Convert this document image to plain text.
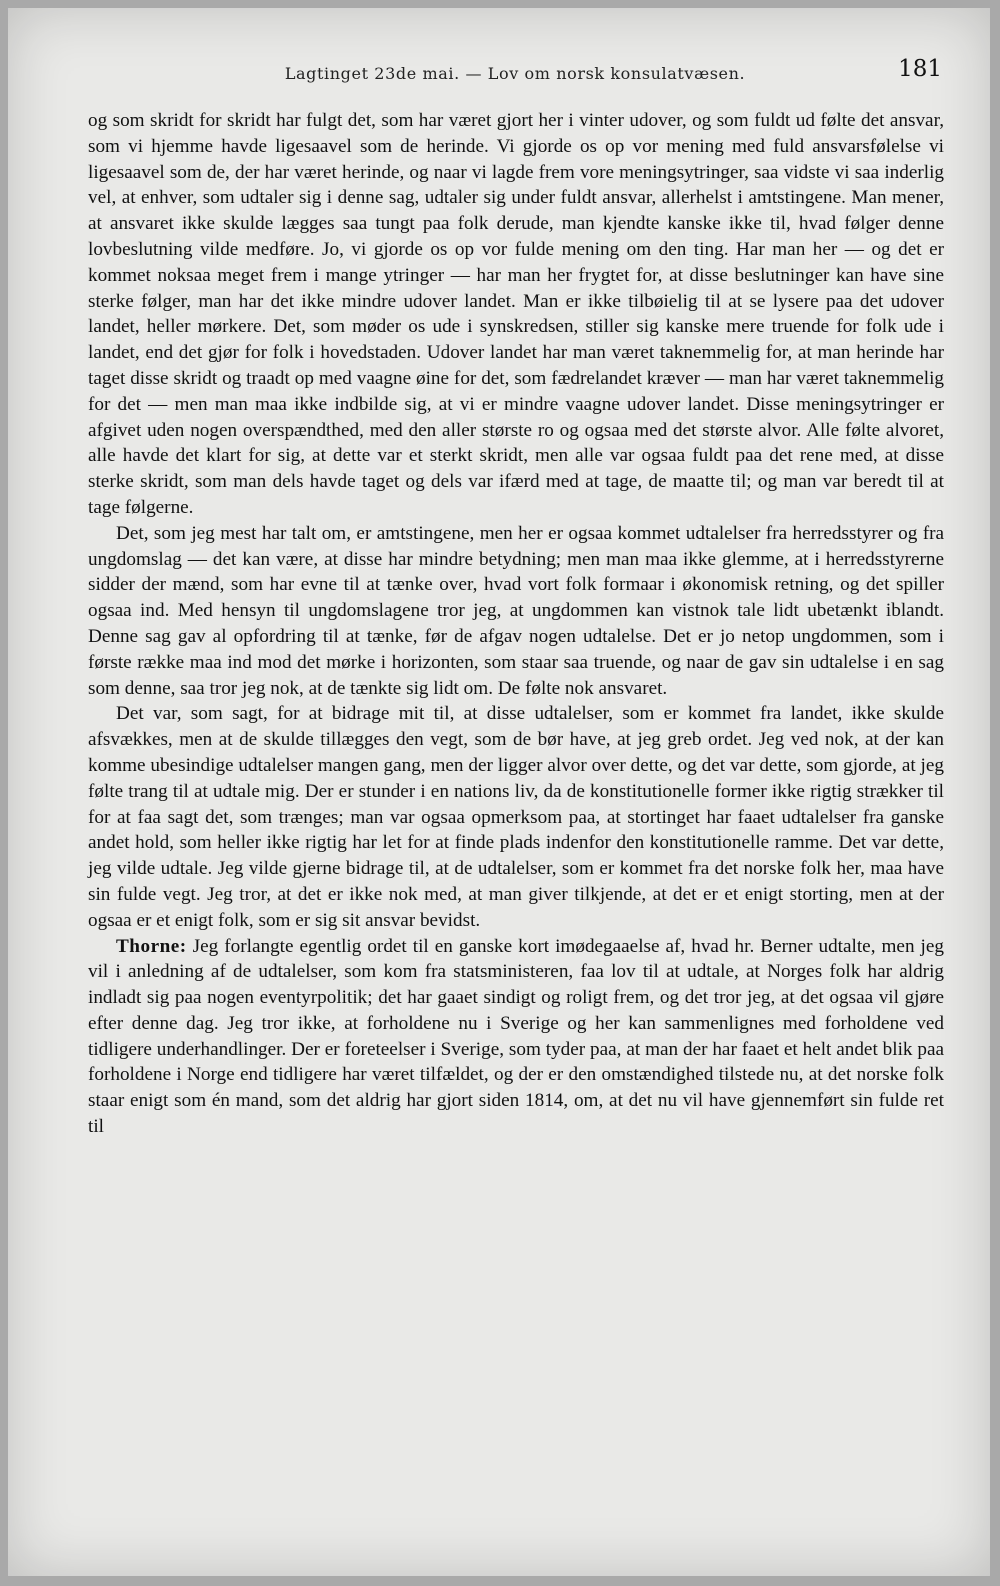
Lagtinget 23de mai. — Lov om norsk konsulatvæsen.	181

og som skridt for skridt har fulgt det, som har været gjort her i vinter udover, og som fuldt ud følte det ansvar, som vi hjemme havde ligesaavel som de herinde. Vi gjorde os op vor mening med fuld ansvarsfølelse vi ligesaavel som de, der har været herinde, og naar vi lagde frem vore meningsytringer, saa vidste vi saa inderlig vel, at enhver, som udtaler sig i denne sag, udtaler sig under fuldt ansvar, allerhelst i amtstingene. Man mener, at ansvaret ikke skulde lægges saa tungt paa folk derude, man kjendte kanske ikke til, hvad følger denne lovbeslutning vilde medføre. Jo, vi gjorde os op vor fulde mening om den ting. Har man her — og det er kommet noksaa meget frem i mange ytringer — har man her frygtet for, at disse beslutninger kan have sine sterke følger, man har det ikke mindre udover landet. Man er ikke tilbøielig til at se lysere paa det udover landet, heller mørkere. Det, som møder os ude i synskredsen, stiller sig kanske mere truende for folk ude i landet, end det gjør for folk i hovedstaden. Udover landet har man været taknemmelig for, at man herinde har taget disse skridt og traadt op med vaagne øine for det, som fædrelandet kræver — man har været taknemmelig for det — men man maa ikke indbilde sig, at vi er mindre vaagne udover landet. Disse meningsytringer er afgivet uden nogen overspændthed, med den aller største ro og ogsaa med det største alvor. Alle følte alvoret, alle havde det klart for sig, at dette var et sterkt skridt, men alle var ogsaa fuldt paa det rene med, at disse sterke skridt, som man dels havde taget og dels var ifærd med at tage, de maatte til; og man var beredt til at tage følgerne.

Det, som jeg mest har talt om, er amtstingene, men her er ogsaa kommet udtalelser fra herredsstyrer og fra ungdomslag — det kan være, at disse har mindre betydning; men man maa ikke glemme, at i herredsstyrerne sidder der mænd, som har evne til at tænke over, hvad vort folk formaar i økonomisk retning, og det spiller ogsaa ind. Med hensyn til ungdomslagene tror jeg, at ungdommen kan vistnok tale lidt ubetænkt iblandt. Denne sag gav al opfordring til at tænke, før de afgav nogen udtalelse. Det er jo netop ungdommen, som i første række maa ind mod det mørke i horizonten, som staar saa truende, og naar de gav sin udtalelse i en sag som denne, saa tror jeg nok, at de tænkte sig lidt om. De følte nok ansvaret.

Det var, som sagt, for at bidrage mit til, at disse udtalelser, som er kommet fra landet, ikke skulde afsvækkes, men at de skulde tillægges den vegt, som de bør have, at jeg greb ordet. Jeg ved nok, at der kan komme ubesindige udtalelser mangen gang, men der ligger alvor over dette, og det var dette, som gjorde, at jeg følte trang til at udtale mig. Der er stunder i en nations liv, da de konstitutionelle former ikke rigtig strækker til for at faa sagt det, som trænges; man var ogsaa opmerksom paa, at stortinget har faaet udtalelser fra ganske andet hold, som heller ikke rigtig har let for at finde plads indenfor den konstitutionelle ramme. Det var dette, jeg vilde udtale. Jeg vilde gjerne bidrage til, at de udtalelser, som er kommet fra det norske folk her, maa have sin fulde vegt. Jeg tror, at det er ikke nok med, at man giver tilkjende, at det er et enigt storting, men at der ogsaa er et enigt folk, som er sig sit ansvar bevidst.

Thorne: Jeg forlangte egentlig ordet til en ganske kort imødegaaelse af, hvad hr. Berner udtalte, men jeg vil i anledning af de udtalelser, som kom fra statsministeren, faa lov til at udtale, at Norges folk har aldrig indladt sig paa nogen eventyrpolitik; det har gaaet sindigt og roligt frem, og det tror jeg, at det ogsaa vil gjøre efter denne dag. Jeg tror ikke, at forholdene nu i Sverige og her kan sammenlignes med forholdene ved tidligere underhandlinger. Der er foreteelser i Sverige, som tyder paa, at man der har faaet et helt andet blik paa forholdene i Norge end tidligere har været tilfældet, og der er den omstændighed tilstede nu, at det norske folk staar enigt som én mand, som det aldrig har gjort siden 1814, om, at det nu vil have gjennemført sin fulde ret til
